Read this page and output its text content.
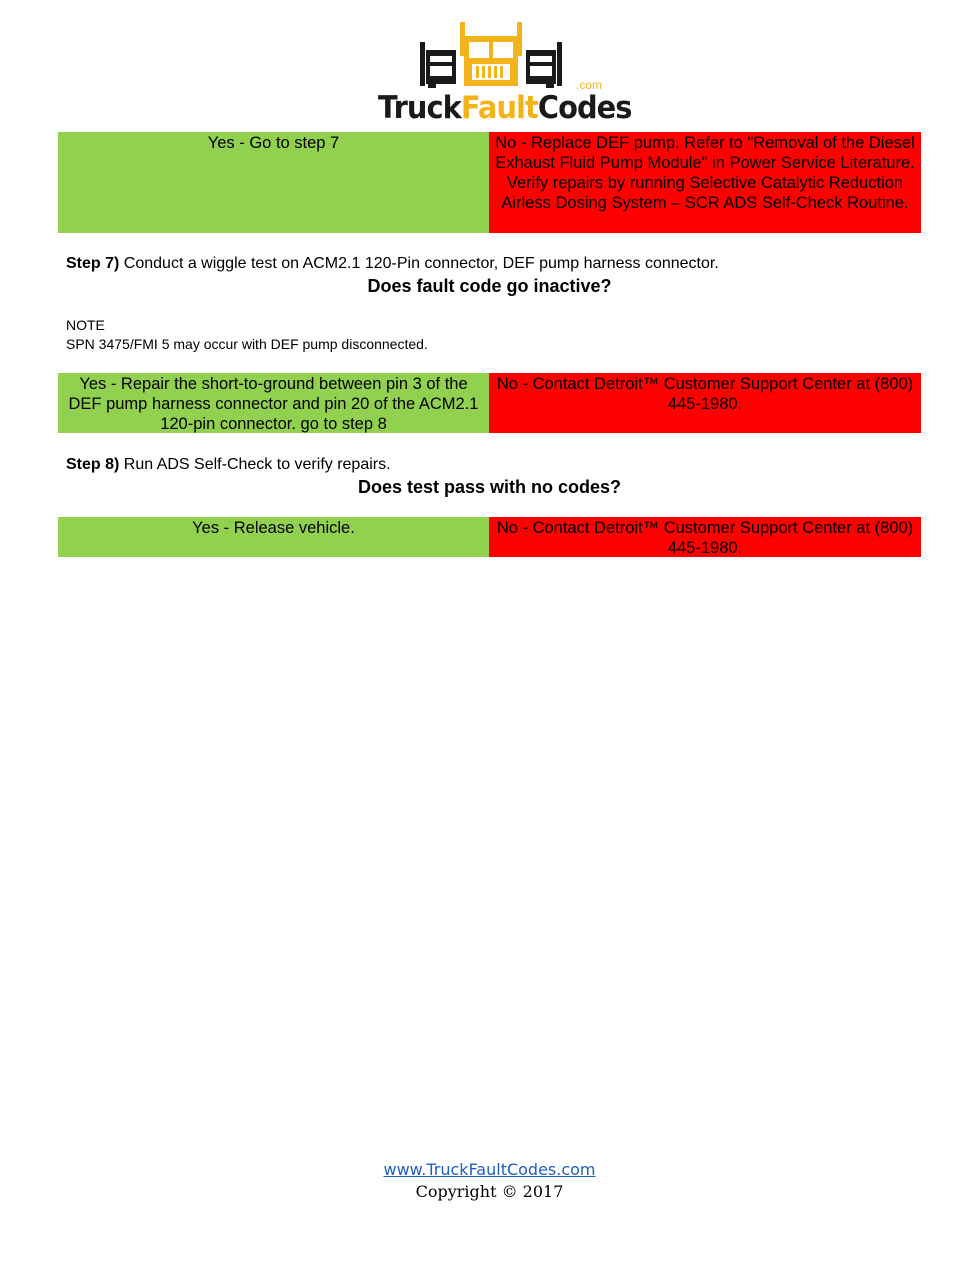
.com
TruckFaultCodes
Yes - Go to step 7	No - Replace DEF pump. Refer to "Removal of the Diesel Exhaust Fluid Pump Module" in Power Service Literature. Verify repairs by running Selective Catalytic Reduction Airless Dosing System – SCR ADS Self-Check Routine.
Step 7) Conduct a wiggle test on ACM2.1 120-Pin connector, DEF pump harness connector.
Does fault code go inactive?
NOTE
SPN 3475/FMI 5 may occur with DEF pump disconnected.
Yes - Repair the short-to-ground between pin 3 of the DEF pump harness connector and pin 20 of the ACM2.1 120-pin connector. go to step 8
No - Contact Detroit™ Customer Support Center at (800) 445-1980.
Step 8) Run ADS Self-Check to verify repairs.
Does test pass with no codes?
Yes - Release vehicle.	No - Contact Detroit™ Customer Support Center at (800) 445-1980.
www.TruckFaultCodes.com
Copyright © 2017
